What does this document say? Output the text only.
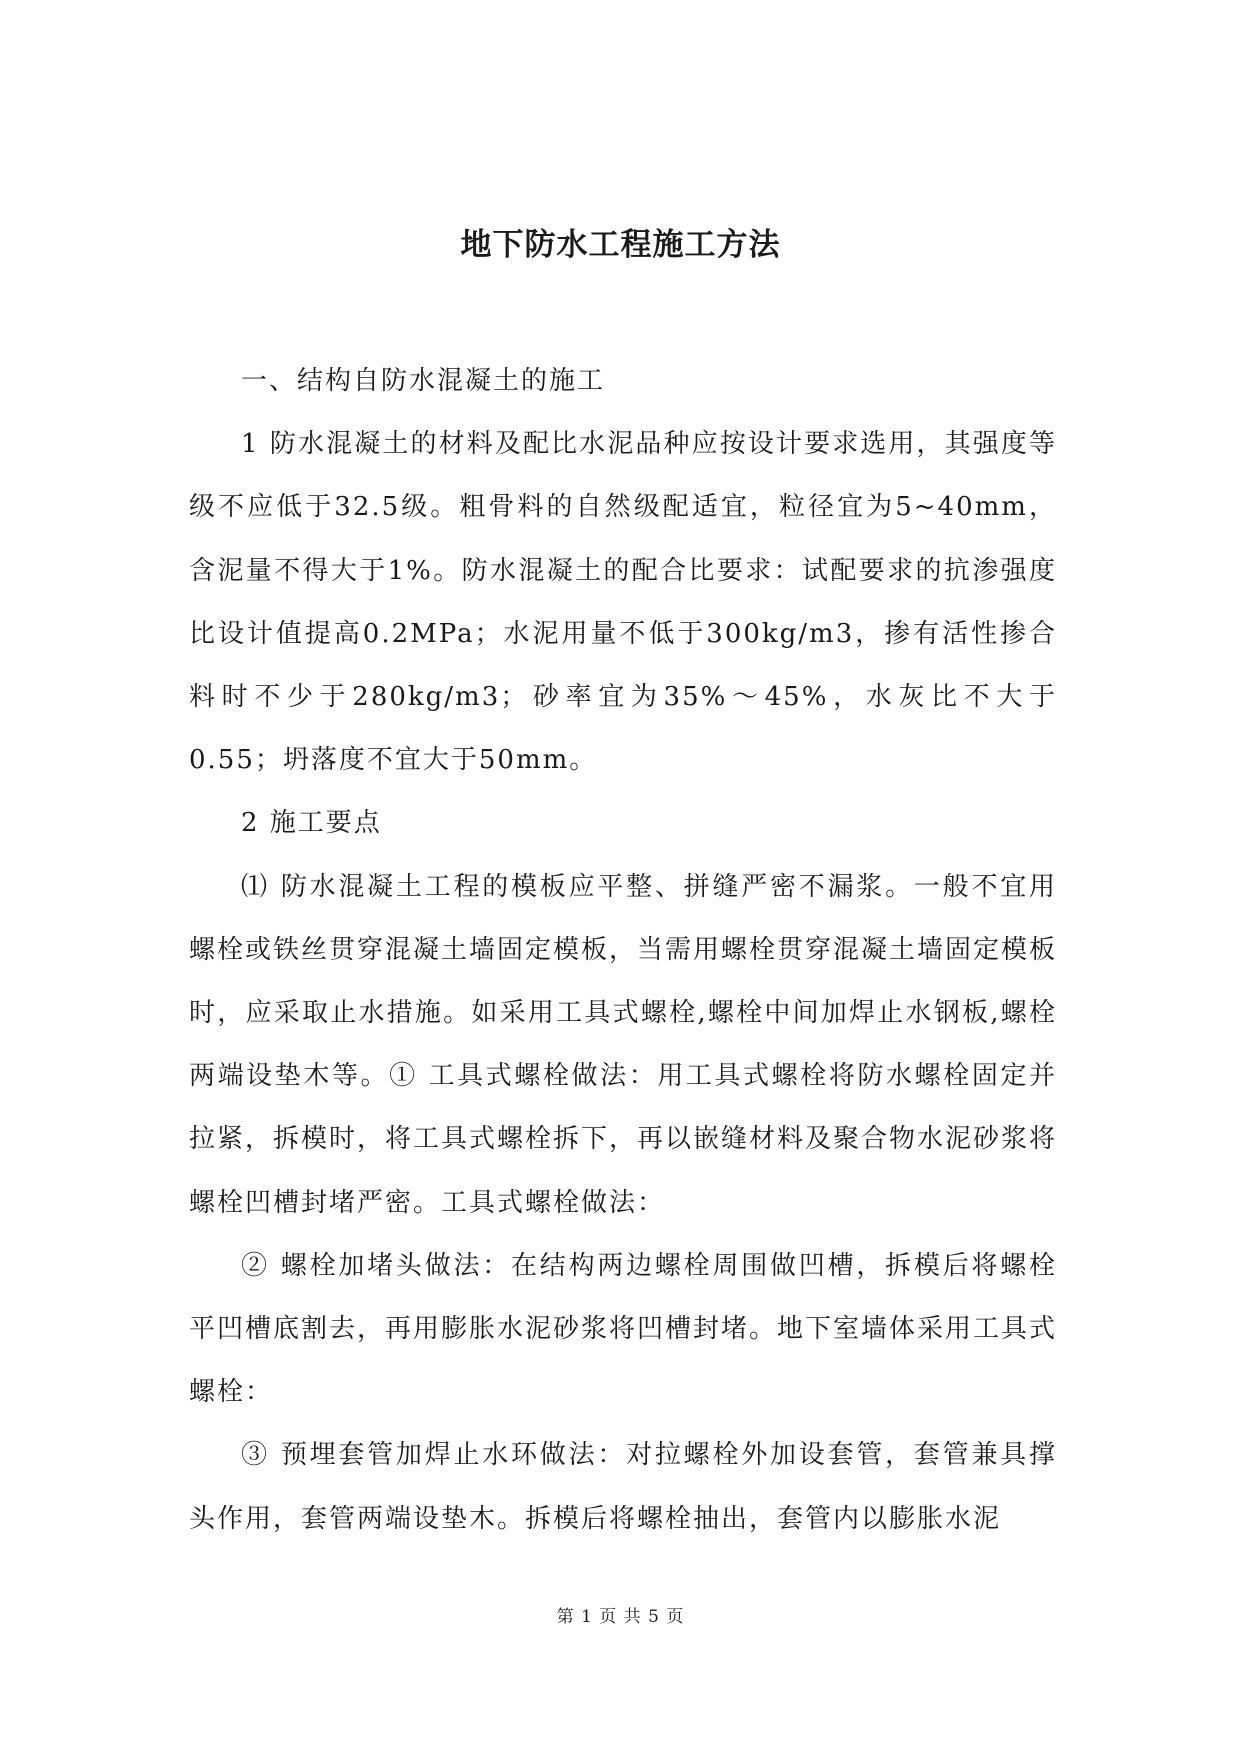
地下防水工程施工方法

一、结构自防水混凝土的施工

1 防水混凝土的材料及配比水泥品种应按设计要求选用，其强度等级不应低于32.5级。粗骨料的自然级配适宜，粒径宜为5~40mm，含泥量不得大于1%。防水混凝土的配合比要求：试配要求的抗渗强度比设计值提高0.2MPa；水泥用量不低于300kg/m3，掺有活性掺合料时不少于280kg/m3；砂率宜为35%～45%，水灰比不大于0.55；坍落度不宜大于50mm。

2 施工要点

⑴ 防水混凝土工程的模板应平整、拼缝严密不漏浆。一般不宜用螺栓或铁丝贯穿混凝土墙固定模板，当需用螺栓贯穿混凝土墙固定模板时，应采取止水措施。如采用工具式螺栓,螺栓中间加焊止水钢板,螺栓两端设垫木等。① 工具式螺栓做法：用工具式螺栓将防水螺栓固定并拉紧，拆模时，将工具式螺栓拆下，再以嵌缝材料及聚合物水泥砂浆将螺栓凹槽封堵严密。工具式螺栓做法：

② 螺栓加堵头做法：在结构两边螺栓周围做凹槽，拆模后将螺栓平凹槽底割去，再用膨胀水泥砂浆将凹槽封堵。地下室墙体采用工具式螺栓：

③ 预埋套管加焊止水环做法：对拉螺栓外加设套管，套管兼具撑头作用，套管两端设垫木。拆模后将螺栓抽出，套管内以膨胀水泥

第 1 页 共 5 页
